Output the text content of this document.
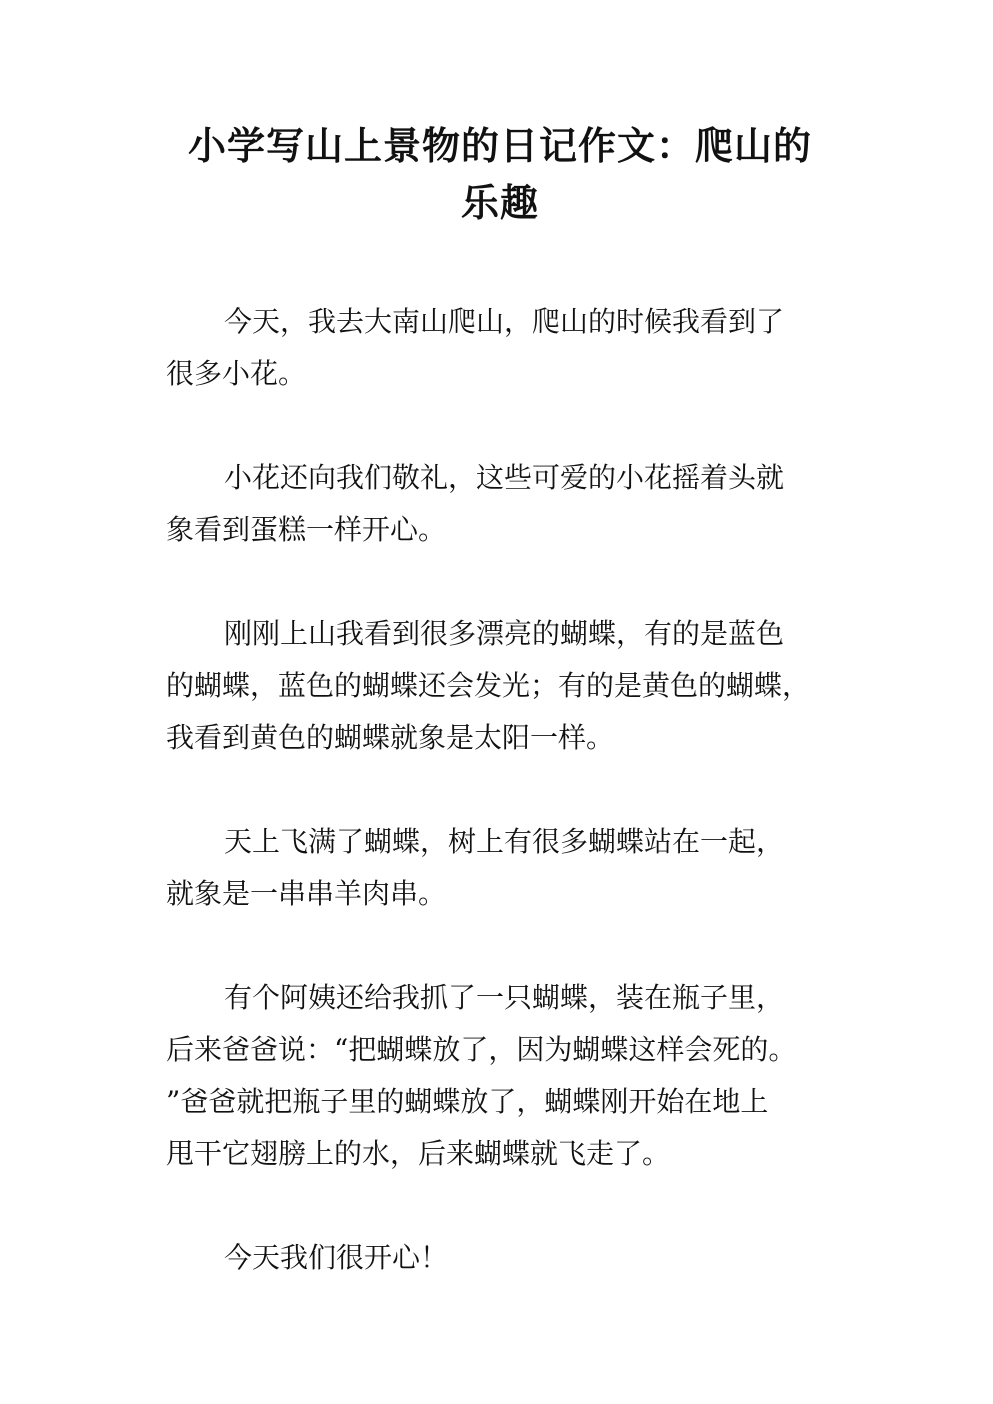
小学写山上景物的日记作文：爬山的
乐趣

今天，我去大南山爬山，爬山的时候我看到了
很多小花。

小花还向我们敬礼，这些可爱的小花摇着头就
象看到蛋糕一样开心。

刚刚上山我看到很多漂亮的蝴蝶，有的是蓝色
的蝴蝶，蓝色的蝴蝶还会发光；有的是黄色的蝴蝶，
我看到黄色的蝴蝶就象是太阳一样。

天上飞满了蝴蝶，树上有很多蝴蝶站在一起，
就象是一串串羊肉串。

有个阿姨还给我抓了一只蝴蝶，装在瓶子里，
后来爸爸说：“把蝴蝶放了，因为蝴蝶这样会死的。
”爸爸就把瓶子里的蝴蝶放了，蝴蝶刚开始在地上
甩干它翅膀上的水，后来蝴蝶就飞走了。

今天我们很开心！
